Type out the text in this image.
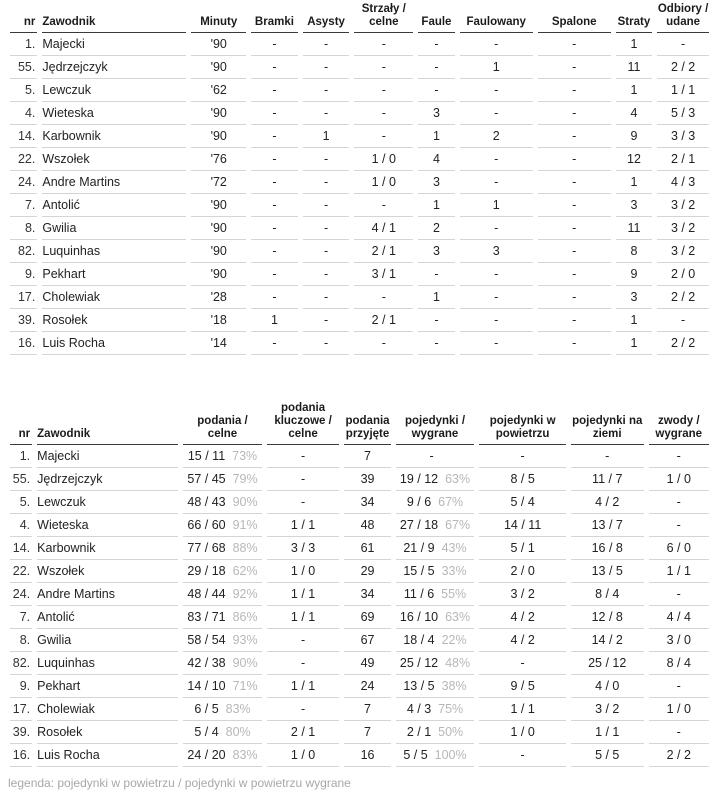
nr	Zawodnik	Minuty	Bramki	Asysty	Strzały / celne	Faule	Faulowany	Spalone	Straty	Odbiory / udane
1.	Majecki	'90	-	-	-	-	-	-	1	-
55.	Jędrzejczyk	'90	-	-	-	-	1	-	11	2 / 2
5.	Lewczuk	'62	-	-	-	-	-	-	1	1 / 1
4.	Wieteska	'90	-	-	-	3	-	-	4	5 / 3
14.	Karbownik	'90	-	1	-	1	2	-	9	3 / 3
22.	Wszołek	'76	-	-	1 / 0	4	-	-	12	2 / 1
24.	Andre Martins	'72	-	-	1 / 0	3	-	-	1	4 / 3
7.	Antolić	'90	-	-	-	1	1	-	3	3 / 2
8.	Gwilia	'90	-	-	4 / 1	2	-	-	11	3 / 2
82.	Luquinhas	'90	-	-	2 / 1	3	3	-	8	3 / 2
9.	Pekhart	'90	-	-	3 / 1	-	-	-	9	2 / 0
17.	Cholewiak	'28	-	-	-	1	-	-	3	2 / 2
39.	Rosołek	'18	1	-	2 / 1	-	-	-	1	-
16.	Luis Rocha	'14	-	-	-	-	-	-	1	2 / 2
nr	Zawodnik	podania / celne	podania kluczowe / celne	podania przyjęte	pojedynki / wygrane	pojedynki w powietrzu	pojedynki na ziemi	zwody / wygrane
1.	Majecki	15 / 11 73%	-	7	-	-	-	-
55.	Jędrzejczyk	57 / 45 79%	-	39	19 / 12 63%	8 / 5	11 / 7	1 / 0
5.	Lewczuk	48 / 43 90%	-	34	9 / 6 67%	5 / 4	4 / 2	-
4.	Wieteska	66 / 60 91%	1 / 1	48	27 / 18 67%	14 / 11	13 / 7	-
14.	Karbownik	77 / 68 88%	3 / 3	61	21 / 9 43%	5 / 1	16 / 8	6 / 0
22.	Wszołek	29 / 18 62%	1 / 0	29	15 / 5 33%	2 / 0	13 / 5	1 / 1
24.	Andre Martins	48 / 44 92%	1 / 1	34	11 / 6 55%	3 / 2	8 / 4	-
7.	Antolić	83 / 71 86%	1 / 1	69	16 / 10 63%	4 / 2	12 / 8	4 / 4
8.	Gwilia	58 / 54 93%	-	67	18 / 4 22%	4 / 2	14 / 2	3 / 0
82.	Luquinhas	42 / 38 90%	-	49	25 / 12 48%	-	25 / 12	8 / 4
9.	Pekhart	14 / 10 71%	1 / 1	24	13 / 5 38%	9 / 5	4 / 0	-
17.	Cholewiak	6 / 5 83%	-	7	4 / 3 75%	1 / 1	3 / 2	1 / 0
39.	Rosołek	5 / 4 80%	2 / 1	7	2 / 1 50%	1 / 0	1 / 1	-
16.	Luis Rocha	24 / 20 83%	1 / 0	16	5 / 5 100%	-	5 / 5	2 / 2
legenda: pojedynki w powietrzu / pojedynki w powietrzu wygrane
